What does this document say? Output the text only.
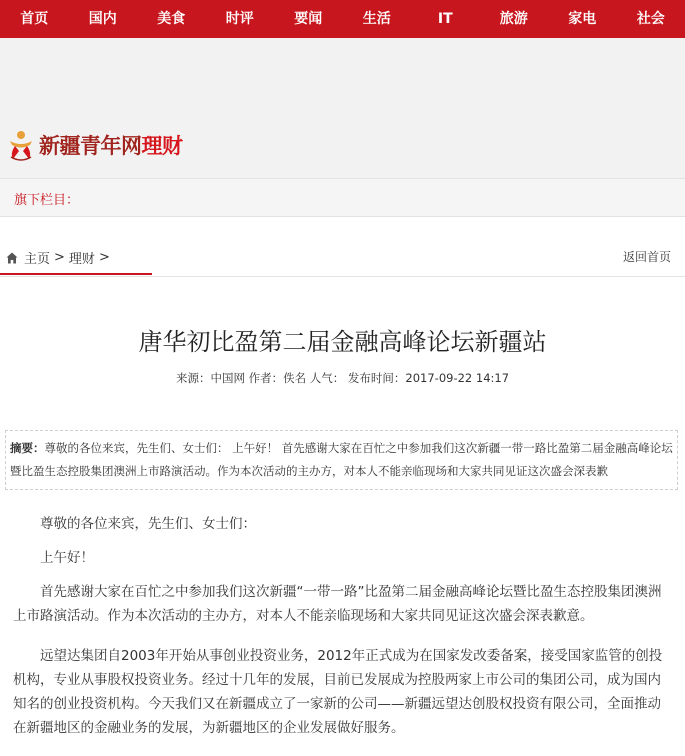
首页	国内	美食	时评	要闻	生活	IT	旅游	家电	社会
新疆青年网理财
旗下栏目：
主页 > 理财 >	返回首页
唐华初比盈第二届金融高峰论坛新疆站
来源：中国网 作者：佚名 人气： 发布时间：2017-09-22 14:17
摘要：尊敬的各位来宾，先生们、女士们： 上午好！ 首先感谢大家在百忙之中参加我们这次新疆一带一路比盈第二届金融高峰论坛暨比盈生态控股集团澳洲上市路演活动。作为本次活动的主办方，对本人不能亲临现场和大家共同见证这次盛会深表歉

尊敬的各位来宾，先生们、女士们：

上午好！

首先感谢大家在百忙之中参加我们这次新疆“一带一路”比盈第二届金融高峰论坛暨比盈生态控股集团澳洲上市路演活动。作为本次活动的主办方，对本人不能亲临现场和大家共同见证这次盛会深表歉意。

远望达集团自2003年开始从事创业投资业务，2012年正式成为在国家发改委备案，接受国家监管的创投机构，专业从事股权投资业务。经过十几年的发展，目前已发展成为控股两家上市公司的集团公司，成为国内知名的创业投资机构。今天我们又在新疆成立了一家新的公司——新疆远望达创股权投资有限公司，全面推动在新疆地区的金融业务的发展，为新疆地区的企业发展做好服务。
